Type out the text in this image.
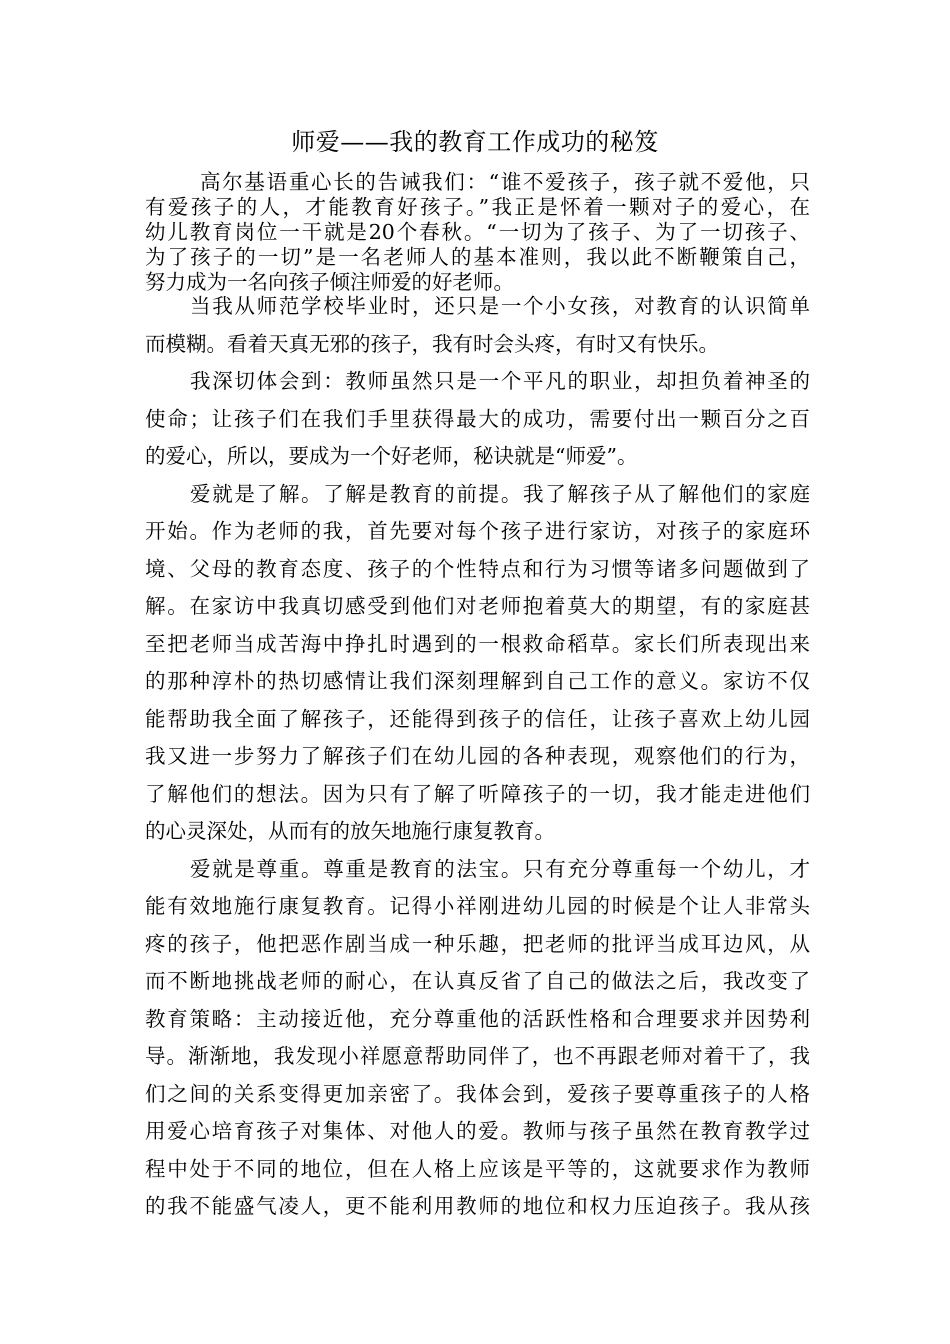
师爱——我的教育工作成功的秘笈
高尔基语重心长的告诫我们：“谁不爱孩子，孩子就不爱他，只
有爱孩子的人，才能教育好孩子。”我正是怀着一颗对子的爱心，在
幼儿教育岗位一干就是20个春秋。“一切为了孩子、为了一切孩子、
为了孩子的一切”是一名老师人的基本准则，我以此不断鞭策自己，
努力成为一名向孩子倾注师爱的好老师。
当我从师范学校毕业时，还只是一个小女孩，对教育的认识简单
而模糊。看着天真无邪的孩子，我有时会头疼，有时又有快乐。
我深切体会到：教师虽然只是一个平凡的职业，却担负着神圣的
使命；让孩子们在我们手里获得最大的成功，需要付出一颗百分之百
的爱心，所以，要成为一个好老师，秘诀就是“师爱”。
爱就是了解。了解是教育的前提。我了解孩子从了解他们的家庭
开始。作为老师的我，首先要对每个孩子进行家访，对孩子的家庭环
境、父母的教育态度、孩子的个性特点和行为习惯等诸多问题做到了
解。在家访中我真切感受到他们对老师抱着莫大的期望，有的家庭甚
至把老师当成苦海中挣扎时遇到的一根救命稻草。家长们所表现出来
的那种淳朴的热切感情让我们深刻理解到自己工作的意义。家访不仅
能帮助我全面了解孩子，还能得到孩子的信任，让孩子喜欢上幼儿园
我又进一步努力了解孩子们在幼儿园的各种表现，观察他们的行为，
了解他们的想法。因为只有了解了听障孩子的一切，我才能走进他们
的心灵深处，从而有的放矢地施行康复教育。
爱就是尊重。尊重是教育的法宝。只有充分尊重每一个幼儿，才
能有效地施行康复教育。记得小祥刚进幼儿园的时候是个让人非常头
疼的孩子，他把恶作剧当成一种乐趣，把老师的批评当成耳边风，从
而不断地挑战老师的耐心，在认真反省了自己的做法之后，我改变了
教育策略：主动接近他，充分尊重他的活跃性格和合理要求并因势利
导。渐渐地，我发现小祥愿意帮助同伴了，也不再跟老师对着干了，我
们之间的关系变得更加亲密了。我体会到，爱孩子要尊重孩子的人格
用爱心培育孩子对集体、对他人的爱。教师与孩子虽然在教育教学过
程中处于不同的地位，但在人格上应该是平等的，这就要求作为教师
的我不能盛气凌人，更不能利用教师的地位和权力压迫孩子。我从孩
